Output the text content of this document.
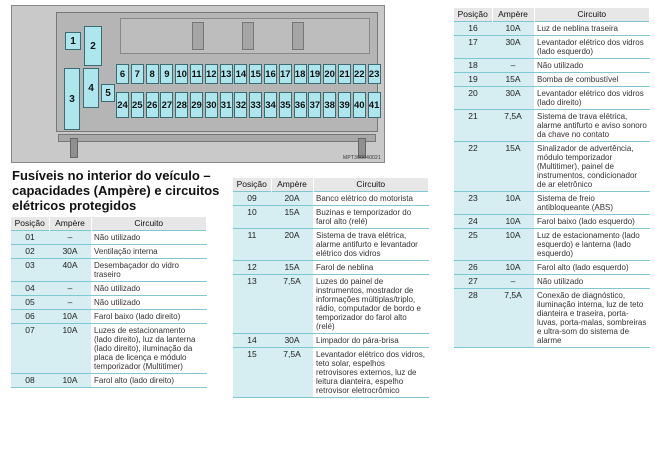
1	2
3
4	5
6	7	8	9 10 11 12 13 14 15 16 17 18 19 20 21 22 23
24 25 26 27 28 29 30 31 32 33 34 35 36 37 38 39 40 41
MPT300040021
Fusíveis no interior do veículo – capacidades (Ampère) e circuitos elétricos protegidos
Posição	Ampère	Circuito
01	–	Não utilizado
02	30A	Ventilação interna
03	40A	Desembaçador do vidro traseiro
04	–	Não utilizado
05	–	Não utilizado
06	10A	Farol baixo (lado direito)
07	10A	Luzes de estacionamento (lado direito), luz da lanterna (lado direito), iluminação da placa de licença e módulo temporizador (Multitimer)
08	10A	Farol alto (lado direito)
Posição	Ampère	Circuito
09	20A	Banco elétrico do motorista
10	15A	Buzinas e temporizador do farol alto (relé)
11	20A	Sistema de trava elétrica, alarme antifurto e levantador elétrico dos vidros
12	15A	Farol de neblina
13	7,5A	Luzes do painel de instrumentos, mostrador de informações múltiplas/triplo, rádio, computador de bordo e temporizador do farol alto (relé)
14	30A	Limpador do pára-brisa
15	7,5A	Levantador elétrico dos vidros, teto solar, espelhos retrovisores externos, luz de leitura dianteira, espelho retrovisor eletrocrômico
Posição	Ampère	Circuito
16	10A	Luz de neblina traseira
17	30A	Levantador elétrico dos vidros (lado esquerdo)
18	–	Não utilizado
19	15A	Bomba de combustível
20	30A	Levantador elétrico dos vidros (lado direito)
21	7,5A	Sistema de trava elétrica, alarme antifurto e aviso sonoro da chave no contato
22	15A	Sinalizador de advertência, módulo temporizador (Multitimer), painel de instrumentos, condicionador de ar eletrônico
23	10A	Sistema de freio antibloqueante (ABS)
24	10A	Farol baixo (lado esquerdo)
25	10A	Luz de estacionamento (lado esquerdo) e lanterna (lado esquerdo)
26	10A	Farol alto (lado esquerdo)
27	–	Não utilizado
28	7,5A	Conexão de diagnóstico, iluminação interna, luz de teto dianteira e traseira, porta-luvas, porta-malas, sombreiras e ultra-som do sistema de alarme
